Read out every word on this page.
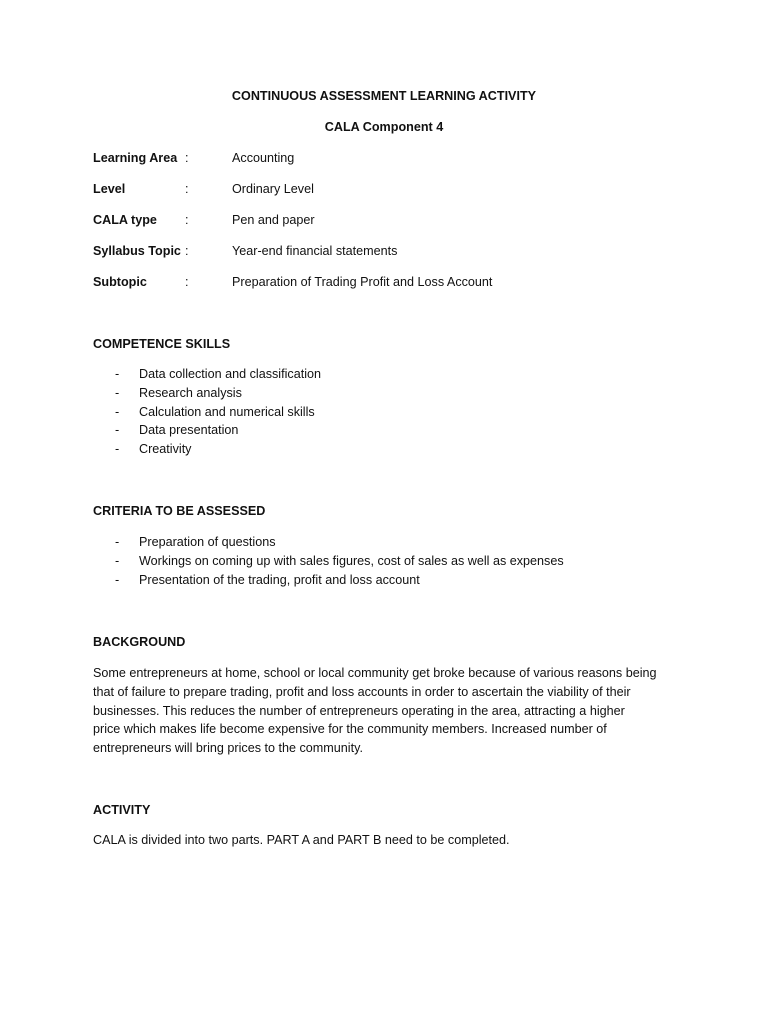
CONTINUOUS ASSESSMENT LEARNING ACTIVITY
CALA Component 4
Learning Area :	Accounting
Level	:	Ordinary Level
CALA type :	Pen and paper
Syllabus Topic :	Year-end financial statements
Subtopic	:	Preparation of Trading Profit and Loss Account
COMPETENCE SKILLS
- Data collection and classification
- Research analysis
- Calculation and numerical skills
- Data presentation
- Creativity
CRITERIA TO BE ASSESSED
- Preparation of questions
- Workings on coming up with sales figures, cost of sales as well as expenses
- Presentation of the trading, profit and loss account
BACKGROUND
Some entrepreneurs at home, school or local community get broke because of various reasons being
that of failure to prepare trading, profit and loss accounts in order to ascertain the viability of their
businesses. This reduces the number of entrepreneurs operating in the area, attracting a higher
price which makes life become expensive for the community members. Increased number of
entrepreneurs will bring prices to the community.
ACTIVITY
CALA is divided into two parts. PART A and PART B need to be completed.
